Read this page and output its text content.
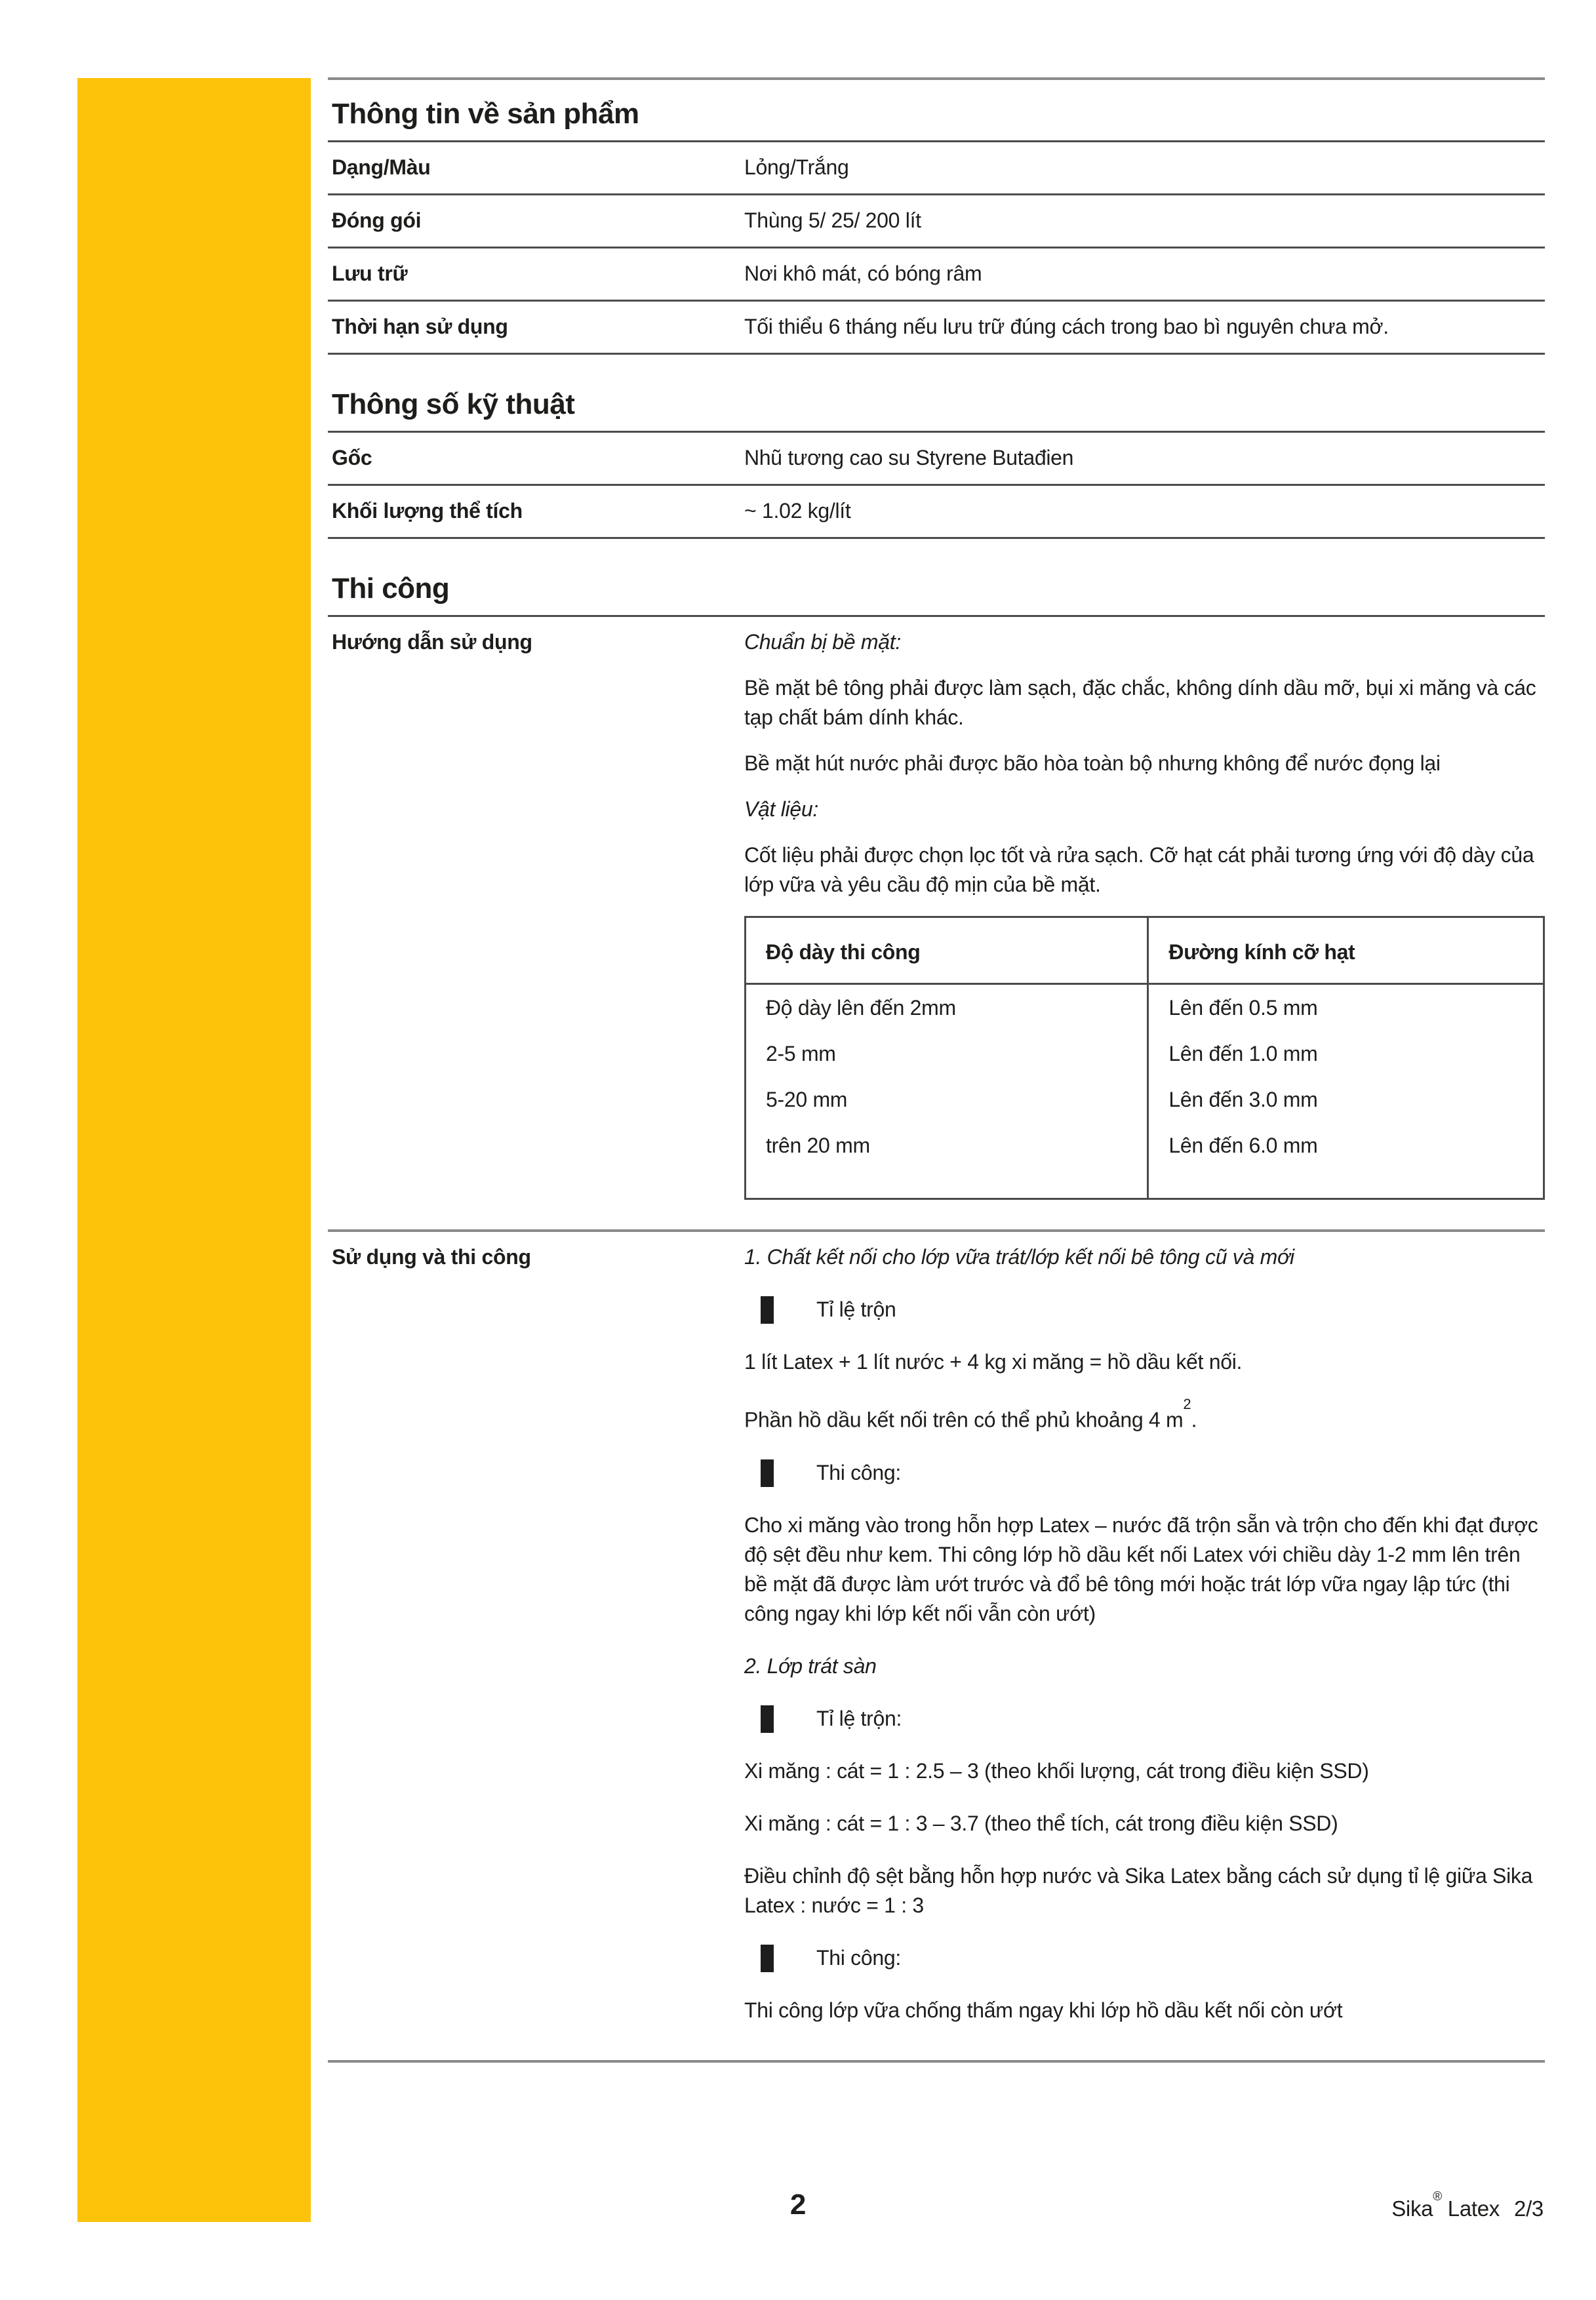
Thông tin về sản phẩm
Dạng/Màu	Lỏng/Trắng
Đóng gói	Thùng 5/ 25/ 200 lít
Lưu trữ	Nơi khô mát, có bóng râm
Thời hạn sử dụng	Tối thiểu 6 tháng nếu lưu trữ đúng cách trong bao bì nguyên chưa mở.
Thông số kỹ thuật
Gốc	Nhũ tương cao su Styrene Butađien
Khối lượng thể tích	~ 1.02 kg/lít
Thi công
Hướng dẫn sử dụng	Chuẩn bị bề mặt:

Bề mặt bê tông phải được làm sạch, đặc chắc, không dính dầu mỡ, bụi xi măng và các tạp chất bám dính khác.

Bề mặt hút nước phải được bão hòa toàn bộ nhưng không để nước đọng lại

Vật liệu:

Cốt liệu phải được chọn lọc tốt và rửa sạch. Cỡ hạt cát phải tương ứng với độ dày của lớp vữa và yêu cầu độ mịn của bề mặt.

Độ dày thi công	Đường kính cỡ hạt
Độ dày lên đến 2mm	Lên đến 0.5 mm
2-5 mm	Lên đến 1.0 mm
5-20 mm	Lên đến 3.0 mm
trên 20 mm	Lên đến 6.0 mm
Sử dụng và thi công	1. Chất kết nối cho lớp vữa trát/lớp kết nối bê tông cũ và mới

Tỉ lệ trộn

1 lít Latex + 1 lít nước + 4 kg xi măng = hồ dầu kết nối.

Phần hồ dầu kết nối trên có thể phủ khoảng 4 $m^2$.

Thi công:

Cho xi măng vào trong hỗn hợp Latex – nước đã trộn sẵn và trộn cho đến khi đạt được độ sệt đều như kem. Thi công lớp hồ dầu kết nối Latex với chiều dày 1-2 mm lên trên bề mặt đã được làm ướt trước và đổ bê tông mới hoặc trát lớp vữa ngay lập tức (thi công ngay khi lớp kết nối vẫn còn ướt)

2. Lớp trát sàn

Tỉ lệ trộn:

Xi măng : cát = 1 : 2.5 – 3 (theo khối lượng, cát trong điều kiện SSD)

Xi măng : cát = 1 : 3 – 3.7 (theo thể tích, cát trong điều kiện SSD)

Điều chỉnh độ sệt bằng hỗn hợp nước và Sika Latex bằng cách sử dụng tỉ lệ giữa Sika Latex : nước = 1 : 3

Thi công:

Thi công lớp vữa chống thấm ngay khi lớp hồ dầu kết nối còn ướt

2	Sika® Latex 2/3
